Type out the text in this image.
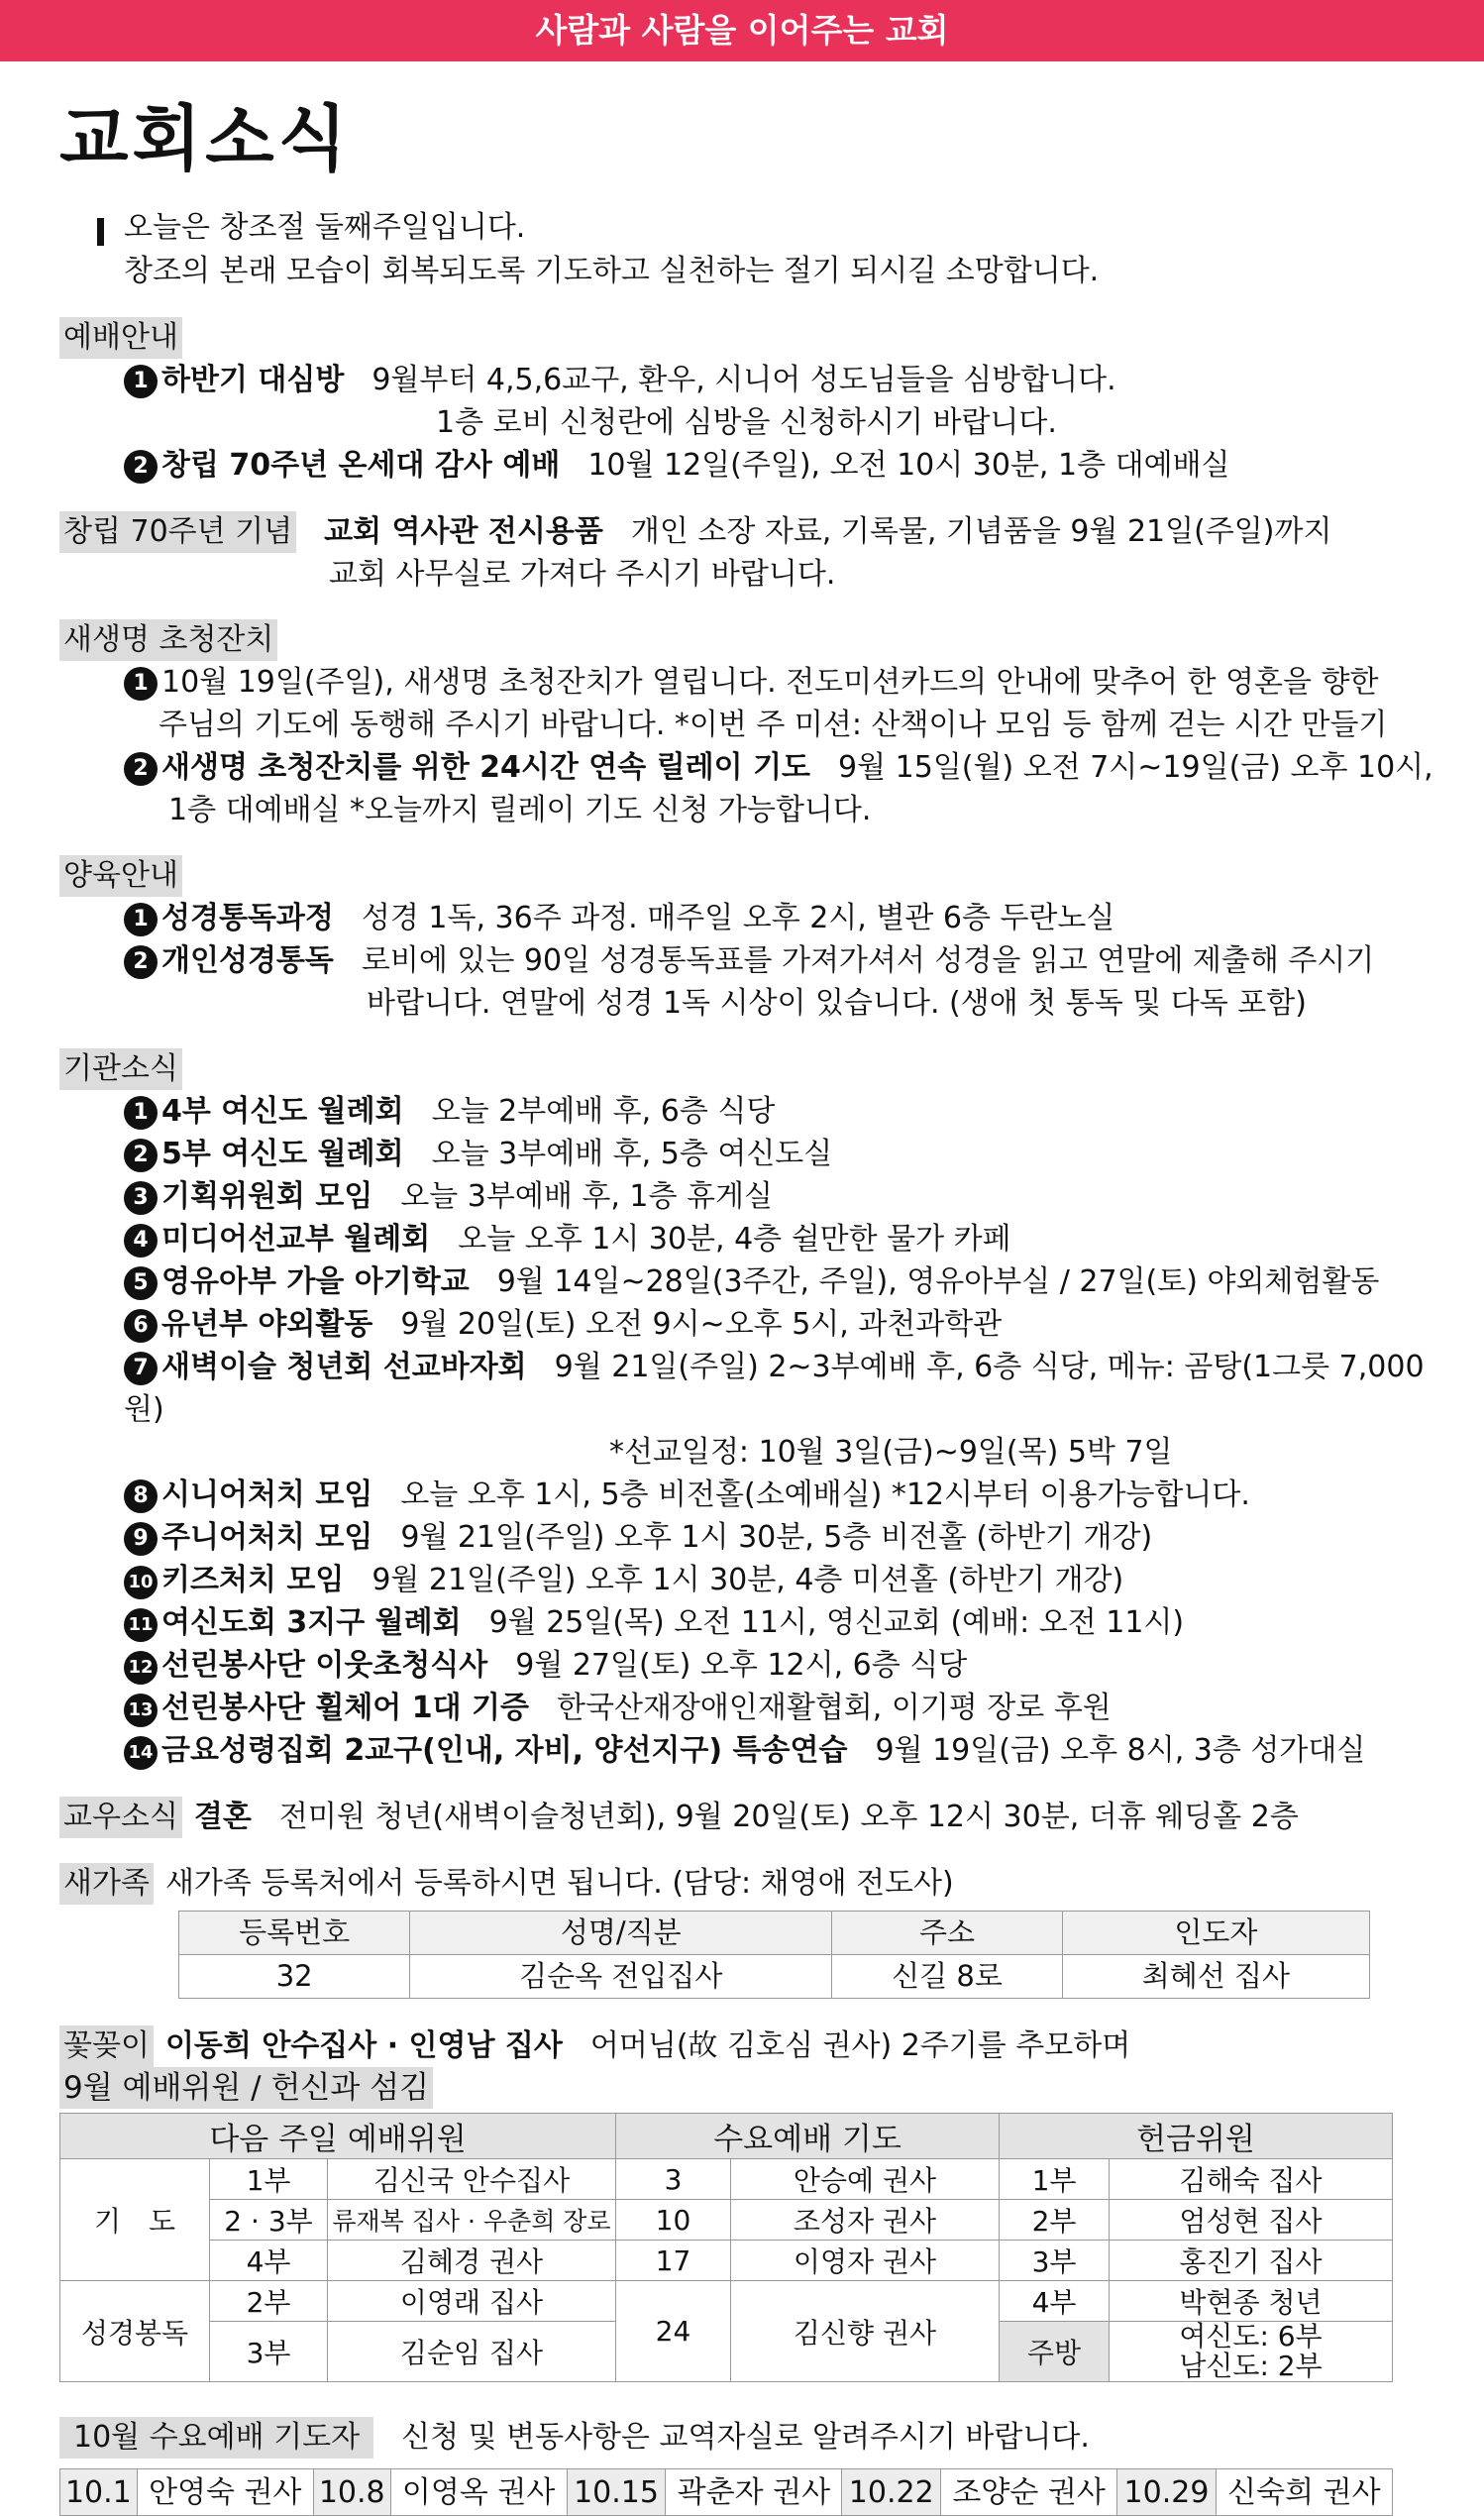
사람과 사람을 이어주는 교회
교회소식
오늘은 창조절 둘째주일입니다.
창조의 본래 모습이 회복되도록 기도하고 실천하는 절기 되시길 소망합니다.
예배안내
1 하반기 대심방 9월부터 4,5,6교구, 환우, 시니어 성도님들을 심방합니다.
1층 로비 신청란에 심방을 신청하시기 바랍니다.
2 창립 70주년 온세대 감사 예배 10월 12일(주일), 오전 10시 30분, 1층 대예배실
창립 70주년 기념 교회 역사관 전시용품 개인 소장 자료, 기록물, 기념품을 9월 21일(주일)까지
교회 사무실로 가져다 주시기 바랍니다.
새생명 초청잔치
1 10월 19일(주일), 새생명 초청잔치가 열립니다. 전도미션카드의 안내에 맞추어 한 영혼을 향한
주님의 기도에 동행해 주시기 바랍니다. *이번 주 미션: 산책이나 모임 등 함께 걷는 시간 만들기
2 새생명 초청잔치를 위한 24시간 연속 릴레이 기도 9월 15일(월) 오전 7시~19일(금) 오후 10시,
1층 대예배실 *오늘까지 릴레이 기도 신청 가능합니다.
양육안내
1 성경통독과정 성경 1독, 36주 과정. 매주일 오후 2시, 별관 6층 두란노실
2 개인성경통독 로비에 있는 90일 성경통독표를 가져가셔서 성경을 읽고 연말에 제출해 주시기
바랍니다. 연말에 성경 1독 시상이 있습니다. (생애 첫 통독 및 다독 포함)
기관소식
1 4부 여신도 월례회 오늘 2부예배 후, 6층 식당
2 5부 여신도 월례회 오늘 3부예배 후, 5층 여신도실
3 기획위원회 모임 오늘 3부예배 후, 1층 휴게실
4 미디어선교부 월례회 오늘 오후 1시 30분, 4층 쉴만한 물가 카페
5 영유아부 가을 아기학교 9월 14일~28일(3주간, 주일), 영유아부실 / 27일(토) 야외체험활동
6 유년부 야외활동 9월 20일(토) 오전 9시~오후 5시, 과천과학관
7 새벽이슬 청년회 선교바자회 9월 21일(주일) 2~3부예배 후, 6층 식당, 메뉴: 곰탕(1그릇 7,000원)
*선교일정: 10월 3일(금)~9일(목) 5박 7일
8 시니어처치 모임 오늘 오후 1시, 5층 비전홀(소예배실) *12시부터 이용가능합니다.
9 주니어처치 모임 9월 21일(주일) 오후 1시 30분, 5층 비전홀 (하반기 개강)
10 키즈처치 모임 9월 21일(주일) 오후 1시 30분, 4층 미션홀 (하반기 개강)
11 여신도회 3지구 월례회 9월 25일(목) 오전 11시, 영신교회 (예배: 오전 11시)
12 선린봉사단 이웃초청식사 9월 27일(토) 오후 12시, 6층 식당
13 선린봉사단 휠체어 1대 기증 한국산재장애인재활협회, 이기평 장로 후원
14 금요성령집회 2교구(인내, 자비, 양선지구) 특송연습 9월 19일(금) 오후 8시, 3층 성가대실
교우소식 결혼 전미원 청년(새벽이슬청년회), 9월 20일(토) 오후 12시 30분, 더휴 웨딩홀 2층
새가족 새가족 등록처에서 등록하시면 됩니다. (담당: 채영애 전도사)
등록번호	성명/직분	주소	인도자
32	김순옥 전입집사	신길 8로	최혜선 집사
꽃꽂이 이동희 안수집사 · 인영남 집사 어머님(故 김호심 권사) 2주기를 추모하며
9월 예배위원 / 헌신과 섬김
다음 주일 예배위원			수요예배 기도		헌금위원	
기　도	1부	김신국 안수집사	3	안승예 권사	1부	김해숙 집사
	2 · 3부	류재복 집사 · 우춘희 장로	10	조성자 권사	2부	엄성현 집사
	4부	김혜경 권사	17	이영자 권사	3부	홍진기 집사
성경봉독	2부	이영래 집사	24	김신향 권사	4부	박현종 청년
	3부	김순임 집사			주방	여신도: 6부
남신도: 2부
10월 수요예배 기도자 신청 및 변동사항은 교역자실로 알려주시기 바랍니다.
10.1	안영숙 권사	10.8	이영옥 권사	10.15	곽춘자 권사	10.22	조양순 권사	10.29	신숙희 권사
